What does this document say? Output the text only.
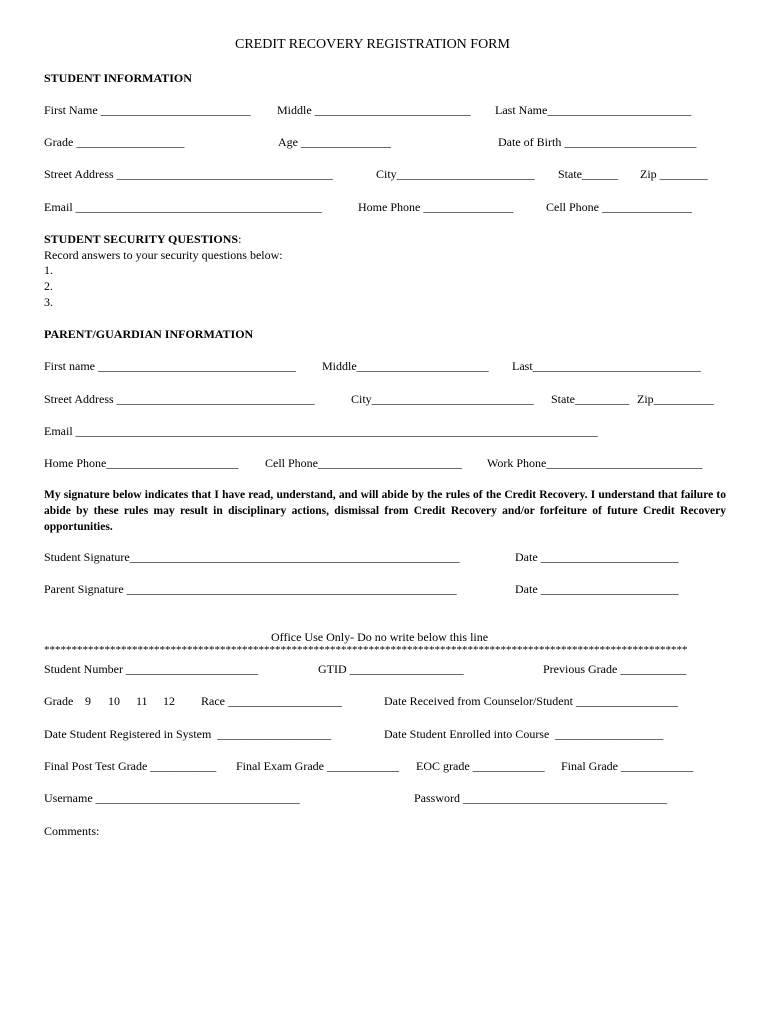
CREDIT RECOVERY REGISTRATION FORM
STUDENT INFORMATION
First Name _________________________ Middle __________________________ Last Name________________________
Grade __________________	Age _______________	Date of Birth ______________________
Street Address ____________________________________	City_______________________ State______ Zip ________
Email _________________________________________	Home Phone _______________	Cell Phone _______________
STUDENT SECURITY QUESTIONS:
Record answers to your security questions below:
1.
2.
3.
PARENT/GUARDIAN INFORMATION
First name _________________________________ Middle______________________ Last____________________________
Street Address _________________________________	City___________________________ State_________ Zip__________
Email _______________________________________________________________________________________
Home Phone______________________ Cell Phone________________________ Work Phone__________________________
My signature below indicates that I have read, understand, and will abide by the rules of the Credit Recovery. I understand that failure to abide by these rules may result in disciplinary actions, dismissal from Credit Recovery and/or forfeiture of future Credit Recovery opportunities.
Student Signature_______________________________________________________	Date _______________________
Parent Signature _______________________________________________________	Date _______________________
Office Use Only- Do no write below this line
*********************************************************************************************************************
Student Number ______________________	GTID ___________________	Previous Grade ___________
Grade 9 10 11 12 Race ___________________	Date Received from Counselor/Student _________________
Date Student Registered in System  ___________________	Date Student Enrolled into Course  __________________
Final Post Test Grade ___________ Final Exam Grade ____________ EOC grade ____________ Final Grade ____________
Username __________________________________	Password __________________________________
Comments:
